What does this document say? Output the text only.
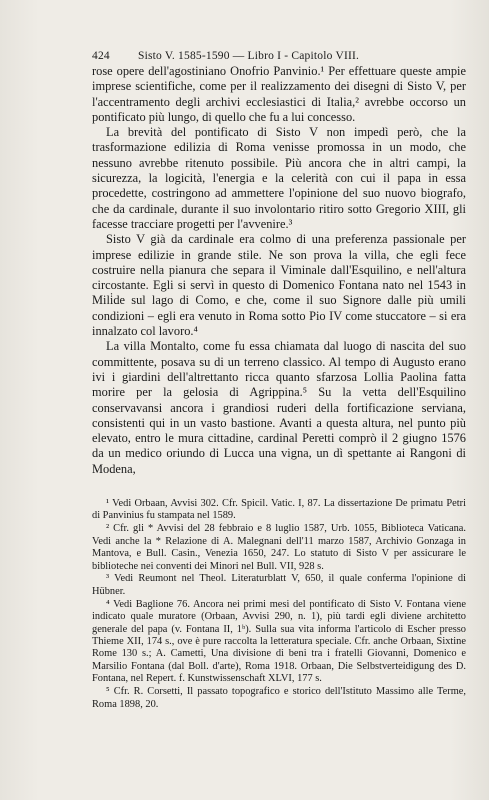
424	Sisto V. 1585-1590 — Libro I - Capitolo VIII.

rose opere dell'agostiniano Onofrio Panvinio.¹ Per effettuare queste ampie imprese scientifiche, come per il realizzamento dei disegni di Sisto V, per l'accentramento degli archivi ecclesiastici di Italia,² avrebbe occorso un pontificato più lungo, di quello che fu a lui concesso.

La brevità del pontificato di Sisto V non impedì però, che la trasformazione edilizia di Roma venisse promossa in un modo, che nessuno avrebbe ritenuto possibile. Più ancora che in altri campi, la sicurezza, la logicità, l'energia e la celerità con cui il papa in essa procedette, costringono ad ammettere l'opinione del suo nuovo biografo, che da cardinale, durante il suo involontario ritiro sotto Gregorio XIII, gli facesse tracciare progetti per l'avvenire.³

Sisto V già da cardinale era colmo di una preferenza passionale per imprese edilizie in grande stile. Ne son prova la villa, che egli fece costruire nella pianura che separa il Viminale dall'Esquilino, e nell'altura circostante. Egli si servì in questo di Domenico Fontana nato nel 1543 in Mili̇de sul lago di Como, e che, come il suo Signore dalle più umili condizioni – egli era venuto in Roma sotto Pio IV come stuccatore – si era innalzato col lavoro.⁴

La villa Montalto, come fu essa chiamata dal luogo di nascita del suo committente, posava su di un terreno classico. Al tempo di Augusto erano ivi i giardini dell'altrettanto ricca quanto sfarzosa Lollia Paolina fatta morire per la gelosia di Agrippina.⁵ Su la vetta dell'Esquilino conservavansi ancora i grandiosi ruderi della fortificazione serviana, consistenti qui in un vasto bastione. Avanti a questa altura, nel punto più elevato, entro le mura cittadine, cardinal Peretti comprò il 2 giugno 1576 da un medico oriundo di Lucca una vigna, un dì spettante ai Rangoni di Modena,

¹ Vedi Orbaan, Avvisi 302. Cfr. Spicil. Vatic. I, 87. La dissertazione De primatu Petri di Panvinius fu stampata nel 1589.

² Cfr. gli * Avvisi del 28 febbraio e 8 luglio 1587, Urb. 1055, Biblioteca Vaticana. Vedi anche la * Relazione di A. Malegnani dell'11 marzo 1587, Archivio Gonzaga in Mantova, e Bull. Casin., Venezia 1650, 247. Lo statuto di Sisto V per assicurare le biblioteche nei conventi dei Minori nel Bull. VII, 928 s.

³ Vedi Reumont nel Theol. Literaturblatt V, 650, il quale conferma l'opinione di Hübner.

⁴ Vedi Baglione 76. Ancora nei primi mesi del pontificato di Sisto V. Fontana viene indicato quale muratore (Orbaan, Avvisi 290, n. 1), più tardi egli diviene architetto generale del papa (v. Fontana II, 1ᵇ). Sulla sua vita informa l'articolo di Escher presso Thieme XII, 174 s., ove è pure raccolta la letteratura speciale. Cfr. anche Orbaan, Sixtine Rome 130 s.; A. Cametti, Una divisione di beni tra i fratelli Giovanni, Domenico e Marsilio Fontana (dal Boll. d'arte), Roma 1918. Orbaan, Die Selbstverteidigung des D. Fontana, nel Repert. f. Kunstwissenschaft XLVI, 177 s.

⁵ Cfr. R. Corsetti, Il passato topografico e storico dell'Istituto Massimo alle Terme, Roma 1898, 20.
